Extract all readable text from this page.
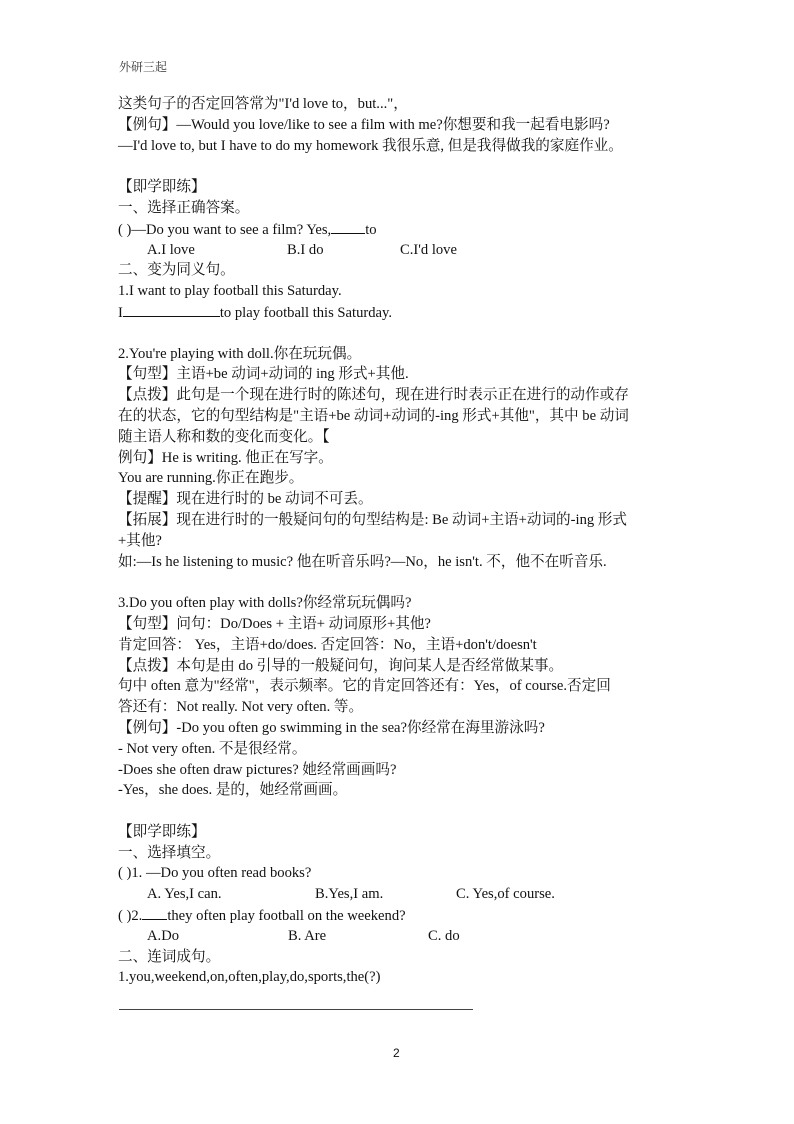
外研三起
这类句子的否定回答常为"I'd love to，but..."，
【例句】—Would you love/like to see a film with me?你想要和我一起看电影吗?
—I'd love to, but I have to do my homework 我很乐意, 但是我得做我的家庭作业。
【即学即练】
一、选择正确答案。
( )—Do you want to see a film? Yes, to
A.I love	B.I do	C.I'd love
二、变为同义句。
1.I want to play football this Saturday.
I	to play football this Saturday.
2.You're playing with doll.你在玩玩偶。
【句型】主语+be 动词+动词的 ing 形式+其他.
【点拨】此句是一个现在进行时的陈述句，现在进行时表示正在进行的动作或存
在的状态，它的句型结构是"主语+be 动词+动词的-ing 形式+其他"，其中 be 动词
随主语人称和数的变化而变化。【
例句】He is writing. 他正在写字。
You are running.你正在跑步。
【提醒】现在进行时的 be 动词不可丢。
【拓展】现在进行时的一般疑问句的句型结构是: Be 动词+主语+动词的-ing 形式
+其他?
如:—Is he listening to music? 他在听音乐吗?—No，he isn't. 不，他不在听音乐.
3.Do you often play with dolls?你经常玩玩偶吗?
【句型】问句：Do/Does + 主语+ 动词原形+其他?
肯定回答： Yes，主语+do/does. 否定回答：No，主语+don't/doesn't
【点拨】本句是由 do 引导的一般疑问句，询问某人是否经常做某事。
句中 often 意为"经常"，表示频率。它的肯定回答还有：Yes，of course.否定回
答还有：Not really. Not very often. 等。
【例句】-Do you often go swimming in the sea?你经常在海里游泳吗?
- Not very often. 不是很经常。
-Does she often draw pictures? 她经常画画吗?
-Yes，she does. 是的，她经常画画。
【即学即练】
一、选择填空。
( )1. —Do you often read books?
A. Yes,I can.	B.Yes,I am.	C. Yes,of course.
( )2. they often play football on the weekend?
A.Do	B. Are	C. do
二、连词成句。
1.you,weekend,on,often,play,do,sports,the(?)
2
